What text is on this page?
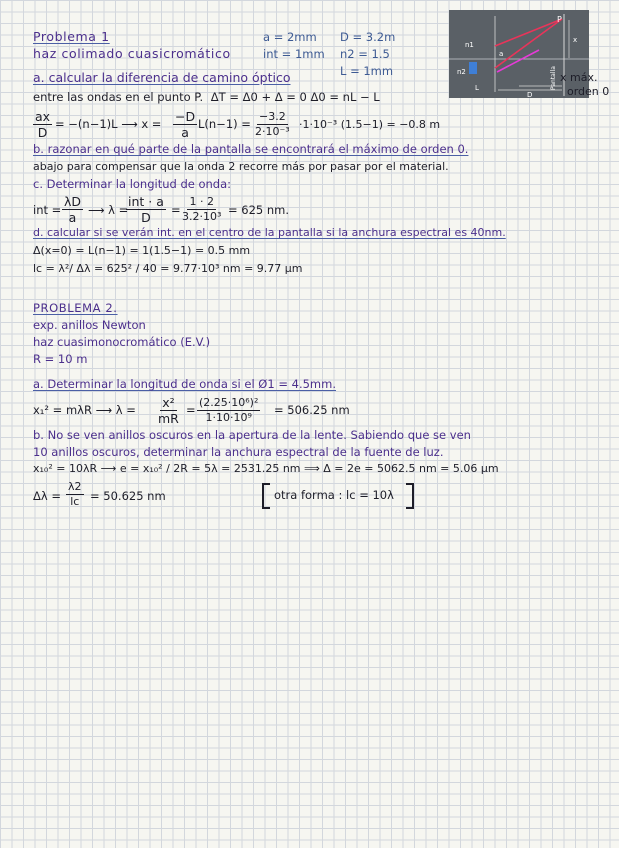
Problema 1
haz colimado cuasicromático
a = 2mm
int = 1mm
D = 3.2m
n2 = 1.5
L = 1mm
P
n1
n2
a
x
L
D
Pantalla x máx.
orden 0
a. calcular la diferencia de camino óptico
entre las ondas en el punto P. ΔT = Δ0 + Δ = 0 Δ0 = nL − L
$\frac{ax}{D} = -(n-1)L$ ⟶ $x = \frac{-D}{a} L(n-1) = \frac{-3.2}{\text{2·10⁻³}} \cdot 1\cdot 10^{-3}$ (1.5−1) = −0.8 m
b. razonar en qué parte de la pantalla se encontrará el máximo de orden 0.
abajo para compensar que la onda 2 recorre más por pasar por el material.
c. Determinar la longitud de onda:
int = $\frac{\lambda D}{a}$ ⟶ λ =
int · a
D
= $\frac{1 \cdot 2}{\text{3.2·10³}} = 625$ nm.
d. calcular si se verán int. en el centro de la pantalla si la anchura espectral es 40nm.
Δ(x=0) = L(n−1) = 1(1.5−1) = 0.5 mm
lc = λ²/ Δλ = 625² / 40 = 9.77·10³ nm = 9.77 μm
PROBLEMA 2.
exp. anillos Newton
haz cuasimonocromático (E.V.)
R = 10 m
a. Determinar la longitud de onda si el Ø1 = 4.5mm.
x₁² = mλR ⟶ $\lambda = \frac{\text{x²}}{mR} = \frac{\text{(2.25·10⁶)²}}{\text{1·10·10⁹}} = 506.25$ nm
b. No se ven anillos oscuros en la apertura de la lente. Sabiendo que se ven
10 anillos oscuros, determinar la anchura espectral de la fuente de luz.
x₁₀² = 10λR ⟶ e = x₁₀² / 2R = 5λ = 2531.25 nm ⟹ Δ = 2e = 5062.5 nm = 5.06 μm
$\Delta\lambda = \frac{\lambda 2}{lc} = 50.625$ nm	otra forma : lc = 10λ
